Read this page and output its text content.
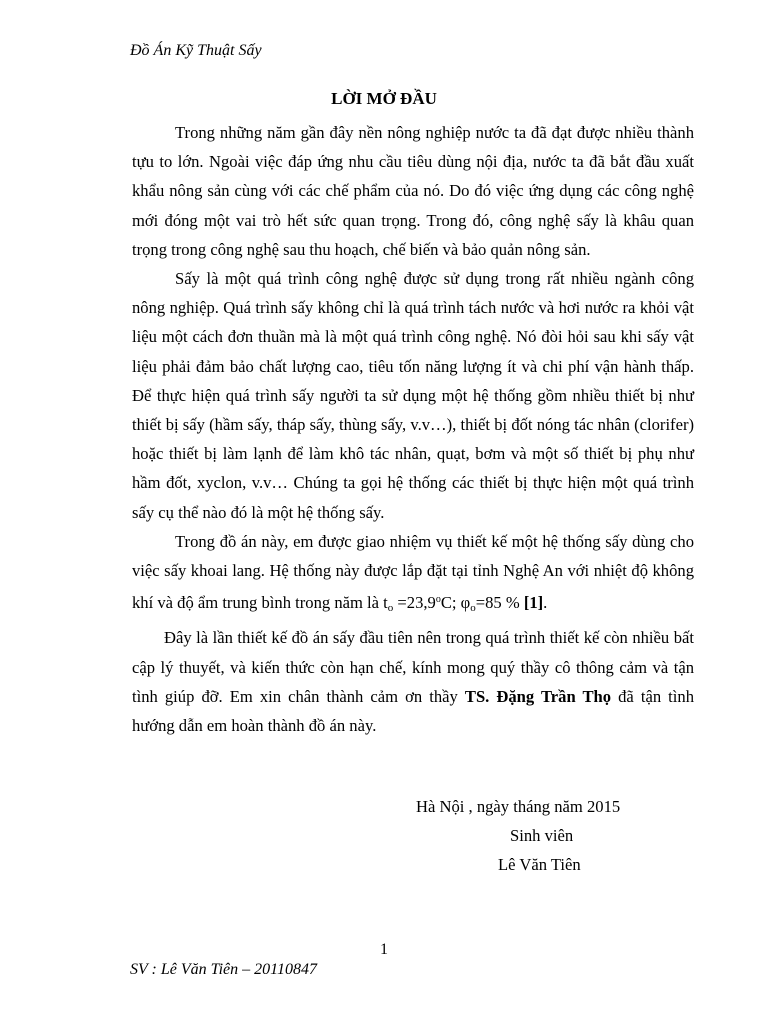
Đồ Án Kỹ Thuật Sấy
LỜI MỞ ĐẦU

Trong những năm gần đây nền nông nghiệp nước ta đã đạt được nhiều thành tựu to lớn. Ngoài việc đáp ứng nhu cầu tiêu dùng nội địa, nước ta đã bắt đầu xuất khẩu nông sản cùng với các chế phẩm của nó. Do đó việc ứng dụng các công nghệ mới đóng một vai trò hết sức quan trọng. Trong đó, công nghệ sấy là khâu quan trọng trong công nghệ sau thu hoạch, chế biến và bảo quản nông sản.

Sấy là một quá trình công nghệ được sử dụng trong rất nhiều ngành công nông nghiệp. Quá trình sấy không chỉ là quá trình tách nước và hơi nước ra khỏi vật liệu một cách đơn thuần mà là một quá trình công nghệ. Nó đòi hỏi sau khi sấy vật liệu phải đảm bảo chất lượng cao, tiêu tốn năng lượng ít và chi phí vận hành thấp. Để thực hiện quá trình sấy người ta sử dụng một hệ thống gồm nhiều thiết bị như thiết bị sấy (hầm sấy, tháp sấy, thùng sấy, v.v…), thiết bị đốt nóng tác nhân (clorifer) hoặc thiết bị làm lạnh để làm khô tác nhân, quạt, bơm và một số thiết bị phụ như hầm đốt, xyclon, v.v… Chúng ta gọi hệ thống các thiết bị thực hiện một quá trình sấy cụ thể nào đó là một hệ thống sấy.

Trong đồ án này, em được giao nhiệm vụ thiết kế một hệ thống sấy dùng cho việc sấy khoai lang. Hệ thống này được lắp đặt tại tỉnh Nghệ An với nhiệt độ không khí và độ ẩm trung bình trong năm là $t_o =23,9^oC$; $\varphi_o=85$ % [1].

Đây là lần thiết kế đồ án sấy đầu tiên nên trong quá trình thiết kế còn nhiều bất cập lý thuyết, và kiến thức còn hạn chế, kính mong quý thầy cô thông cảm và tận tình giúp đỡ. Em xin chân thành cảm ơn thầy TS. Đặng Trần Thọ đã tận tình hướng dẫn em hoàn thành đồ án này.

Hà Nội , ngày tháng năm 2015
Sinh viên
Lê Văn Tiên
1
SV : Lê Văn Tiên – 20110847
